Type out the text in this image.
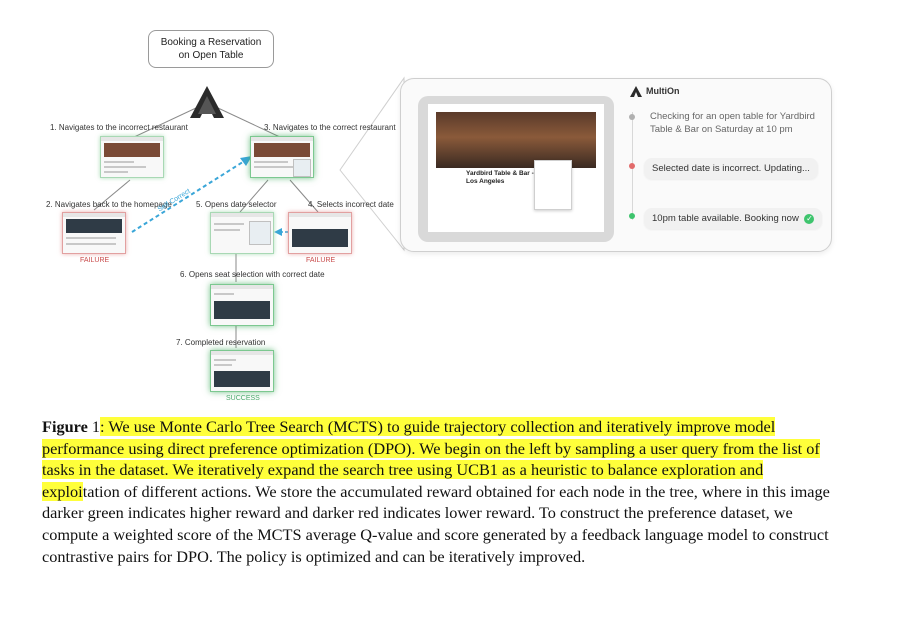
Booking a Reservation
on Open Table
1. Navigates to the incorrect restaurant	3. Navigates to the correct restaurant
2. Navigates back to the homepage	5. Opens date selector	4. Selects incorrect date
6. Opens seat selection with correct date
7. Completed reservation
Self Correct
FAILURE	FAILURE
SUCCESS
Yardbird Table & Bar - Los Angeles
MultiOn
Checking for an open table for Yardbird Table & Bar on Saturday at 10 pm
Selected date is incorrect. Updating...
10pm table available. Booking now ✓
Figure 1: We use Monte Carlo Tree Search (MCTS) to guide trajectory collection and iteratively improve model performance using direct preference optimization (DPO). We begin on the left by sampling a user query from the list of tasks in the dataset. We iteratively expand the search tree using UCB1 as a heuristic to balance exploration and exploitation of different actions. We store the accumulated reward obtained for each node in the tree, where in this image darker green indicates higher reward and darker red indicates lower reward. To construct the preference dataset, we compute a weighted score of the MCTS average Q-value and score generated by a feedback language model to construct contrastive pairs for DPO. The policy is optimized and can be iteratively improved.
